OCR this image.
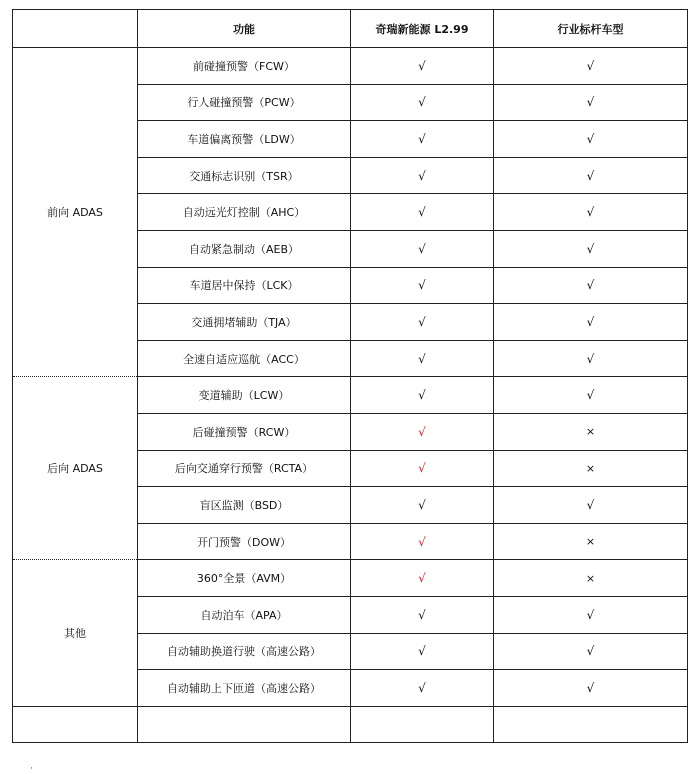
	功能	奇瑞新能源 L2.99	行业标杆车型
前向 ADAS	前碰撞预警（FCW）	√	√
	行人碰撞预警（PCW）	√	√
	车道偏离预警（LDW）	√	√
	交通标志识别（TSR）	√	√
	自动远光灯控制（AHC）	√	√
	自动紧急制动（AEB）	√	√
	车道居中保持（LCK）	√	√
	交通拥堵辅助（TJA）	√	√
	全速自适应巡航（ACC）	√	√
后向 ADAS	变道辅助（LCW）	√	√
	后碰撞预警（RCW）	√	×
	后向交通穿行预警（RCTA）	√	×
	盲区监测（BSD）	√	√
	开门预警（DOW）	√	×
其他	360°全景（AVM）	√	×
	自动泊车（APA）	√	√
	自动辅助换道行驶（高速公路）	√	√
	自动辅助上下匝道（高速公路）	√	√

·
